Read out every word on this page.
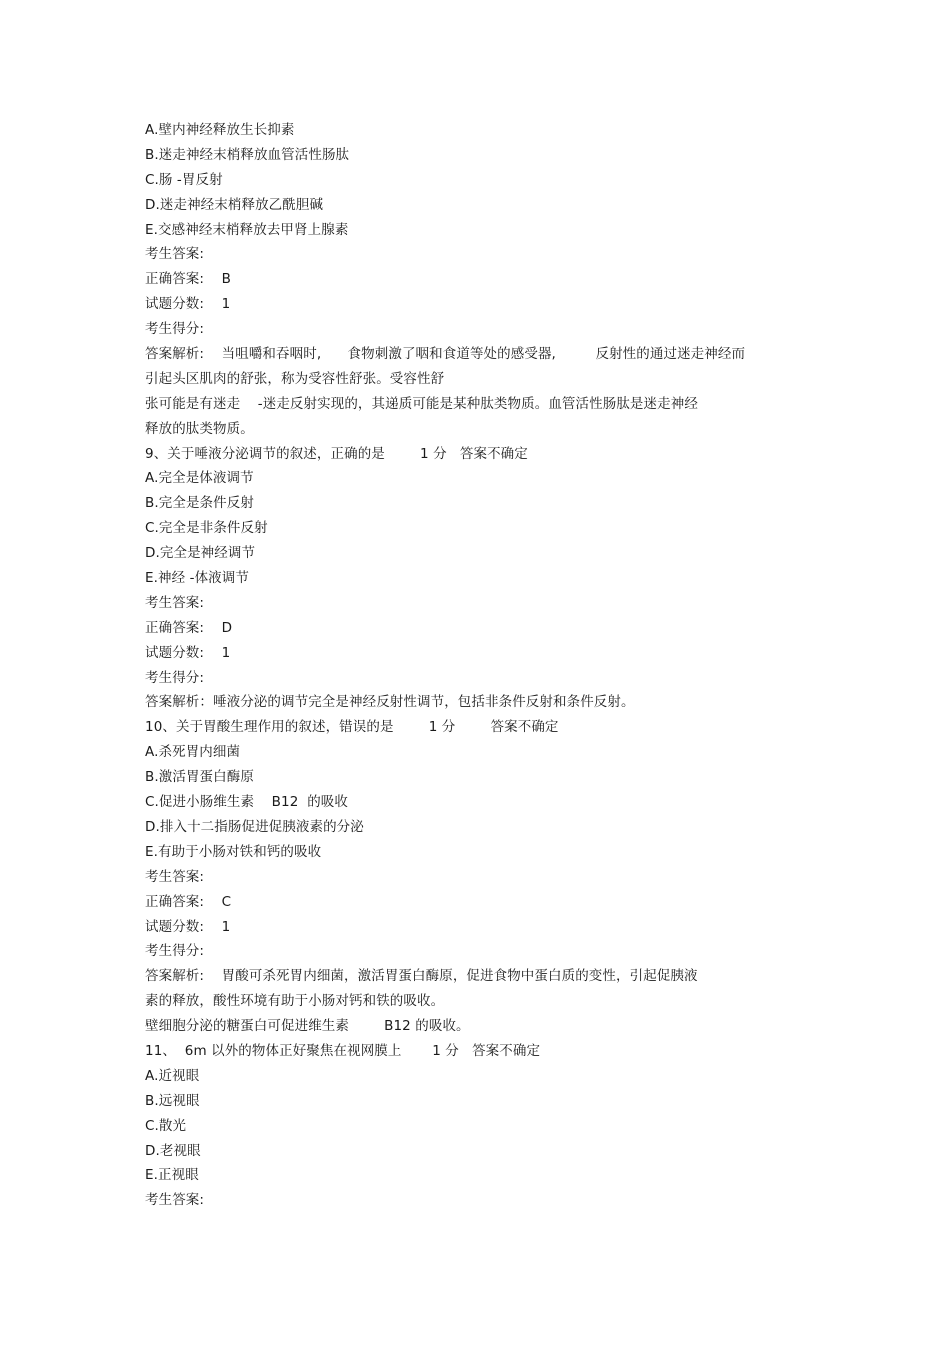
A.壁内神经释放生长抑素
B.迷走神经末梢释放血管活性肠肽
C.肠 -胃反射
D.迷走神经末梢释放乙酰胆碱
E.交感神经末梢释放去甲肾上腺素
考生答案:
正确答案:    B
试题分数:    1
考生得分:
答案解析:    当咀嚼和吞咽时,      食物刺激了咽和食道等处的感受器,         反射性的通过迷走神经而
引起头区肌肉的舒张，称为受容性舒张。受容性舒
张可能是有迷走    -迷走反射实现的，其递质可能是某种肽类物质。血管活性肠肽是迷走神经
释放的肽类物质。
9、关于唾液分泌调节的叙述，正确的是        1 分   答案不确定
A.完全是体液调节
B.完全是条件反射
C.完全是非条件反射
D.完全是神经调节
E.神经 -体液调节
考生答案:
正确答案:    D
试题分数:    1
考生得分:
答案解析：唾液分泌的调节完全是神经反射性调节，包括非条件反射和条件反射。
10、关于胃酸生理作用的叙述，错误的是        1 分        答案不确定
A.杀死胃内细菌
B.激活胃蛋白酶原
C.促进小肠维生素    B12  的吸收
D.排入十二指肠促进促胰液素的分泌
E.有助于小肠对铁和钙的吸收
考生答案:
正确答案:    C
试题分数:    1
考生得分:
答案解析:    胃酸可杀死胃内细菌，激活胃蛋白酶原，促进食物中蛋白质的变性，引起促胰液
素的释放，酸性环境有助于小肠对钙和铁的吸收。
壁细胞分泌的糖蛋白可促进维生素        B12 的吸收。
11、  6m 以外的物体正好聚焦在视网膜上       1 分   答案不确定
A.近视眼
B.远视眼
C.散光
D.老视眼
E.正视眼
考生答案:
